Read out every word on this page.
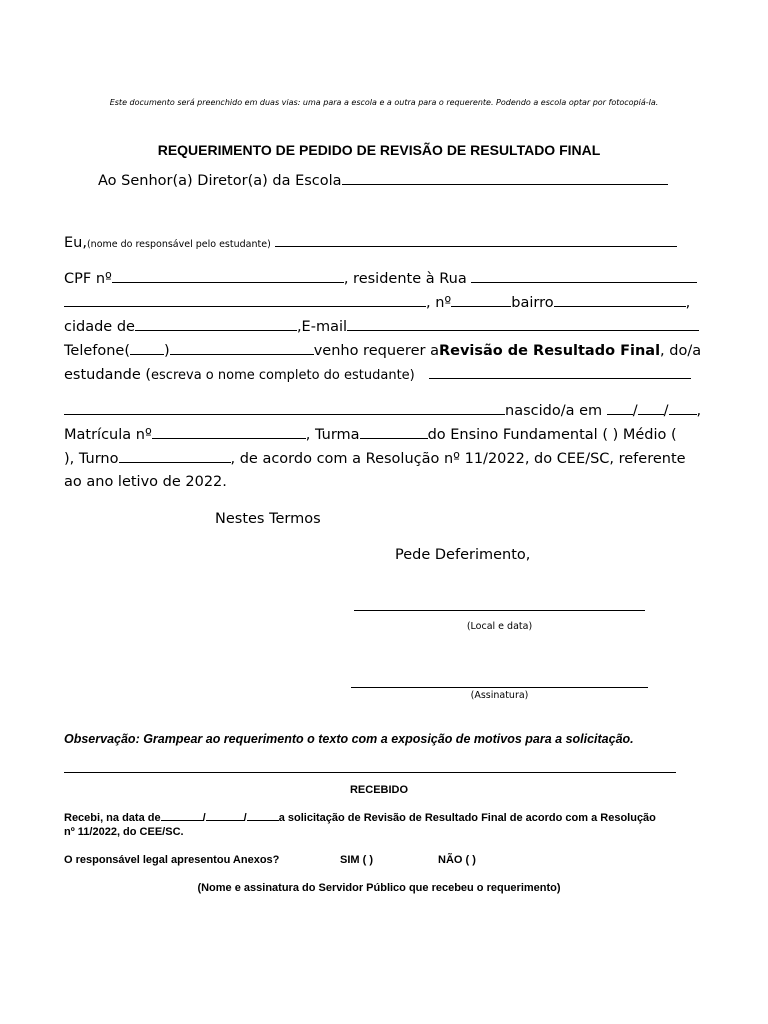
Este documento será preenchido em duas vias: uma para a escola e a outra para o requerente. Podendo a escola optar por fotocopiá-la.
REQUERIMENTO DE PEDIDO DE REVISÃO DE RESULTADO FINAL
Ao Senhor(a) Diretor(a) da Escola
Eu,(nome do responsável pelo estudante)
CPF nº	, residente à Rua
, nº	bairro	,
cidade de	,E-mail
Telefone( )	venho requerer a Revisão de Resultado Final , do/a
estudande (escreva o nome completo do estudante)
nascido/a em / / ,
Matrícula nº	, Turma	do Ensino Fundamental ( ) Médio (
), Turno	, de acordo com a Resolução nº 11/2022, do CEE/SC, referente
ao ano letivo de 2022.
Nestes Termos
Pede Deferimento,
(Local e data)
(Assinatura)
Observação: Grampear ao requerimento o texto com a exposição de motivos para a solicitação.
RECEBIDO
Recebi, na data de	/	/	a solicitação de Revisão de Resultado Final de acordo com a Resolução
nº 11/2022, do CEE/SC.
O responsável legal apresentou Anexos?	SIM ( )	NÃO ( )
(Nome e assinatura do Servidor Público que recebeu o requerimento)
